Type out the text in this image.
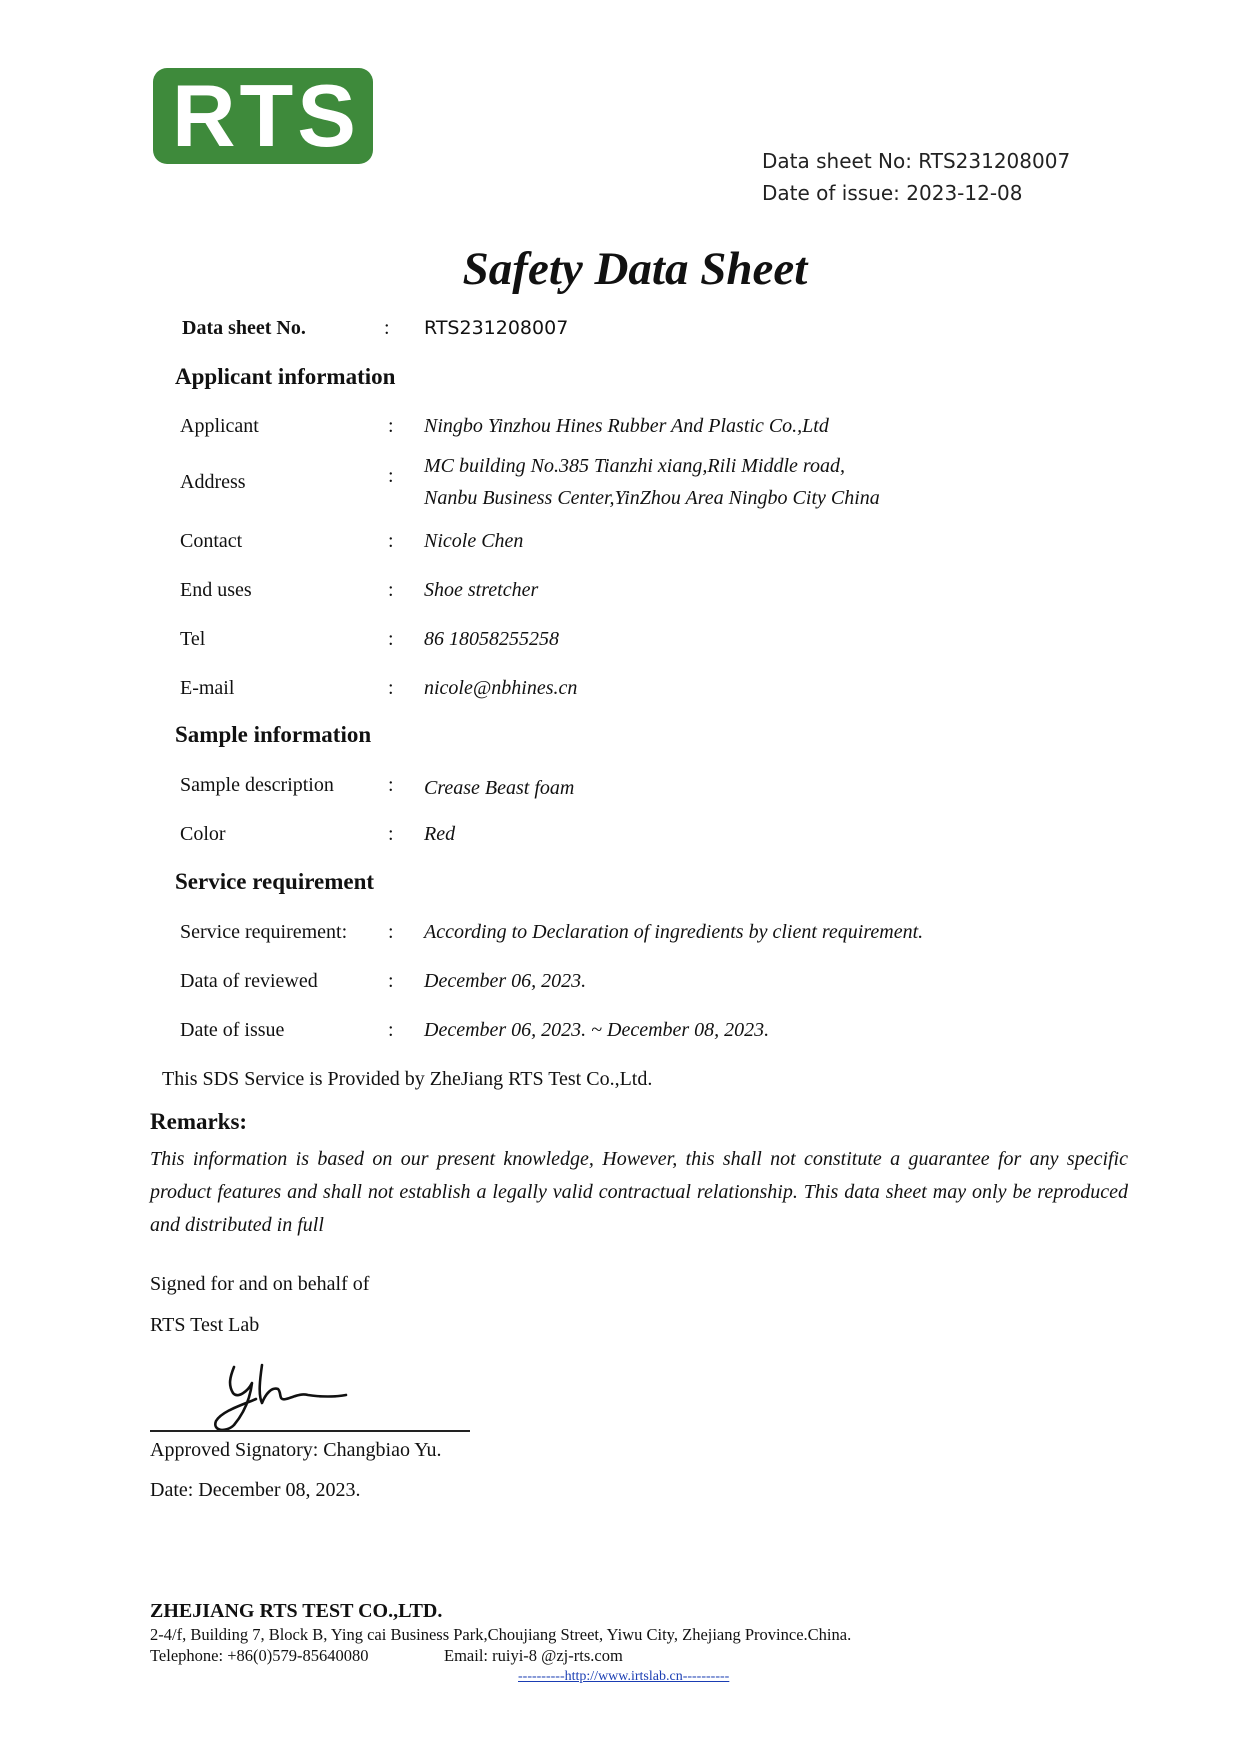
RTS	Data sheet No: RTS231208007
Date of issue: 2023-12-08
Safety Data Sheet
Data sheet No.	: RTS231208007
Applicant information
Applicant	: Ningbo Yinzhou Hines Rubber And Plastic Co.,Ltd
Address	: MC building No.385 Tianzhi xiang,Rili Middle road,
Nanbu Business Center,YinZhou Area Ningbo City China
Contact	: Nicole Chen
End uses	: Shoe stretcher
Tel	: 86 18058255258
E-mail	: nicole@nbhines.cn
Sample information
Sample description	: Crease Beast foam
Color	: Red
Service requirement
Service requirement: : According to Declaration of ingredients by client requirement.
Data of reviewed	: December 06, 2023.
Date of issue	: December 06, 2023. ~ December 08, 2023.
This SDS Service is Provided by ZheJiang RTS Test Co.,Ltd.
Remarks:
This information is based on our present knowledge, However, this shall not constitute a guarantee for any specific product features and shall not establish a legally valid contractual relationship. This data sheet may only be reproduced and distributed in full
Signed for and on behalf of
RTS Test Lab
Approved Signatory: Changbiao Yu.
Date: December 08, 2023.
ZHEJIANG RTS TEST CO.,LTD.
2-4/f, Building 7, Block B, Ying cai Business Park,Choujiang Street, Yiwu City, Zhejiang Province.China.
Telephone: +86(0)579-85640080	Email: ruiyi-8 @zj-rts.com
----------http://www.irtslab.cn----------
